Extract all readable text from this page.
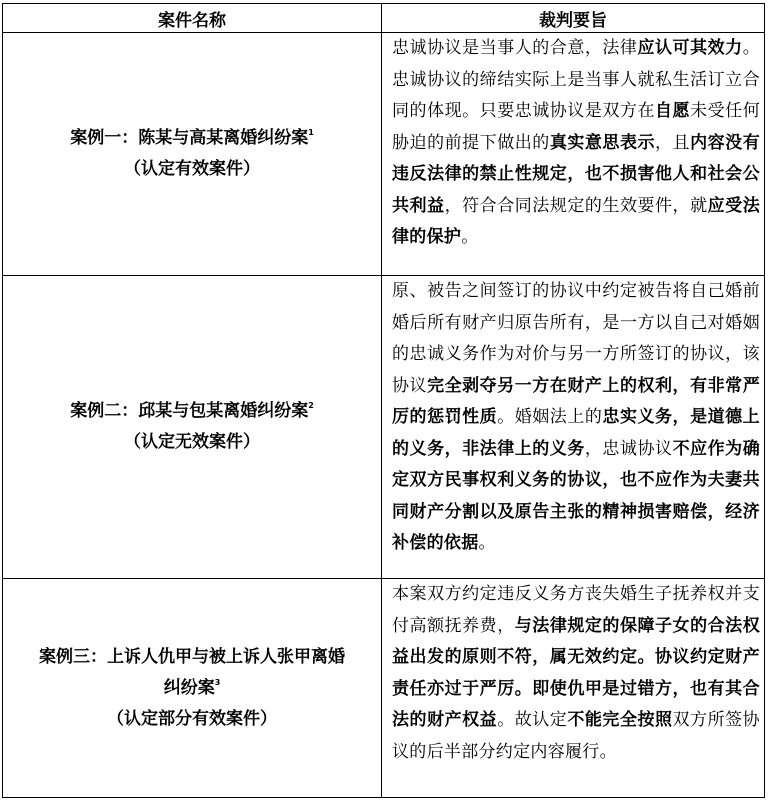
案件名称	裁判要旨

案例一：陈某与高某离婚纠纷案$^1$
（认定有效案件）	忠诚协议是当事人的合意，法律应认可其效力。忠诚协议的缔结实际上是当事人就私生活订立合同的体现。只要忠诚协议是双方在自愿未受任何胁迫的前提下做出的真实意思表示，且内容没有违反法律的禁止性规定，也不损害他人和社会公共利益，符合合同法规定的生效要件，就应受法律的保护。

案例二：邱某与包某离婚纠纷案$^2$
（认定无效案件）	原、被告之间签订的协议中约定被告将自己婚前婚后所有财产归原告所有，是一方以自己对婚姻的忠诚义务作为对价与另一方所签订的协议，该协议完全剥夺另一方在财产上的权利，有非常严厉的惩罚性质。婚姻法上的忠实义务，是道德上的义务，非法律上的义务，忠诚协议不应作为确定双方民事权利义务的协议，也不应作为夫妻共同财产分割以及原告主张的精神损害赔偿，经济补偿的依据。

案例三：上诉人仇甲与被上诉人张甲离婚
纠纷案$^3$
（认定部分有效案件）	本案双方约定违反义务方丧失婚生子抚养权并支付高额抚养费，与法律规定的保障子女的合法权益出发的原则不符，属无效约定。协议约定财产责任亦过于严厉。即使仇甲是过错方，也有其合法的财产权益。故认定不能完全按照双方所签协议的后半部分约定内容履行。
